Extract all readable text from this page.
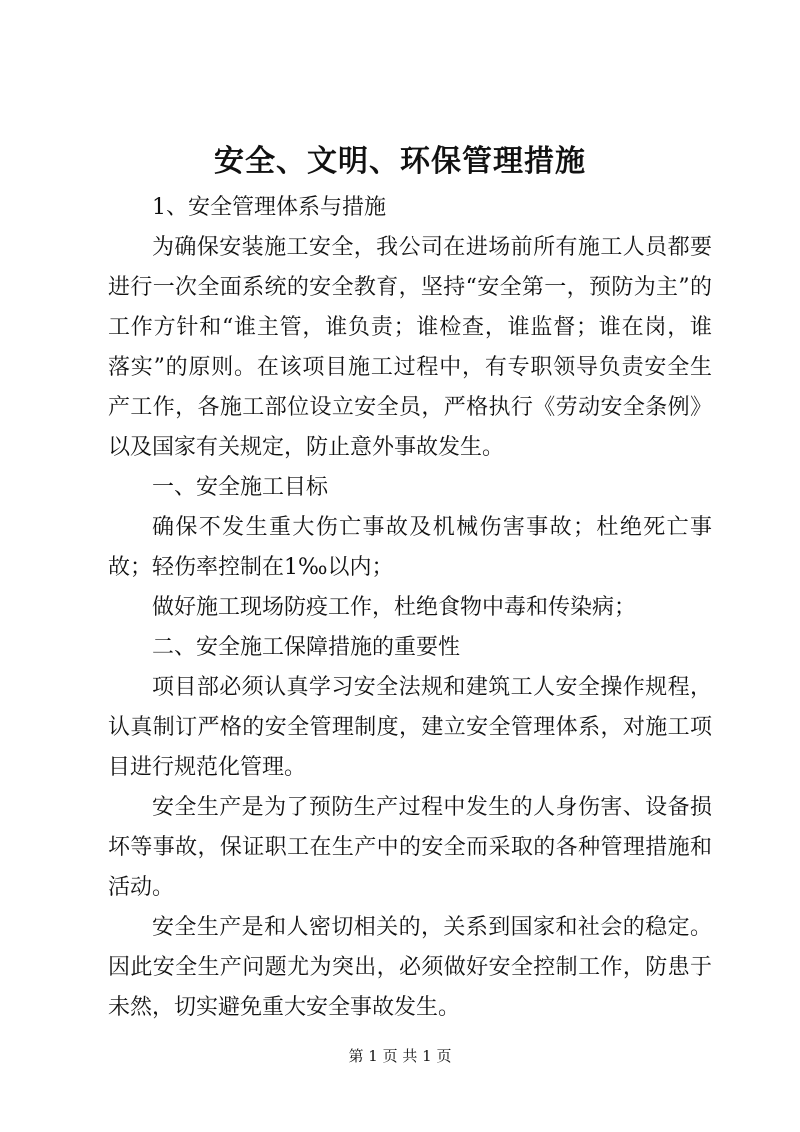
安全、文明、环保管理措施

1、安全管理体系与措施

为确保安装施工安全，我公司在进场前所有施工人员都要进行一次全面系统的安全教育，坚持“安全第一，预防为主”的工作方针和“谁主管，谁负责；谁检查，谁监督；谁在岗，谁落实”的原则。在该项目施工过程中，有专职领导负责安全生产工作，各施工部位设立安全员，严格执行《劳动安全条例》以及国家有关规定，防止意外事故发生。

一、安全施工目标

确保不发生重大伤亡事故及机械伤害事故；杜绝死亡事故；轻伤率控制在1‰以内；

做好施工现场防疫工作，杜绝食物中毒和传染病；

二、安全施工保障措施的重要性

项目部必须认真学习安全法规和建筑工人安全操作规程，认真制订严格的安全管理制度，建立安全管理体系，对施工项目进行规范化管理。

安全生产是为了预防生产过程中发生的人身伤害、设备损坏等事故，保证职工在生产中的安全而采取的各种管理措施和活动。

安全生产是和人密切相关的，关系到国家和社会的稳定。因此安全生产问题尤为突出，必须做好安全控制工作，防患于未然，切实避免重大安全事故发生。

第 1 页 共 1 页
